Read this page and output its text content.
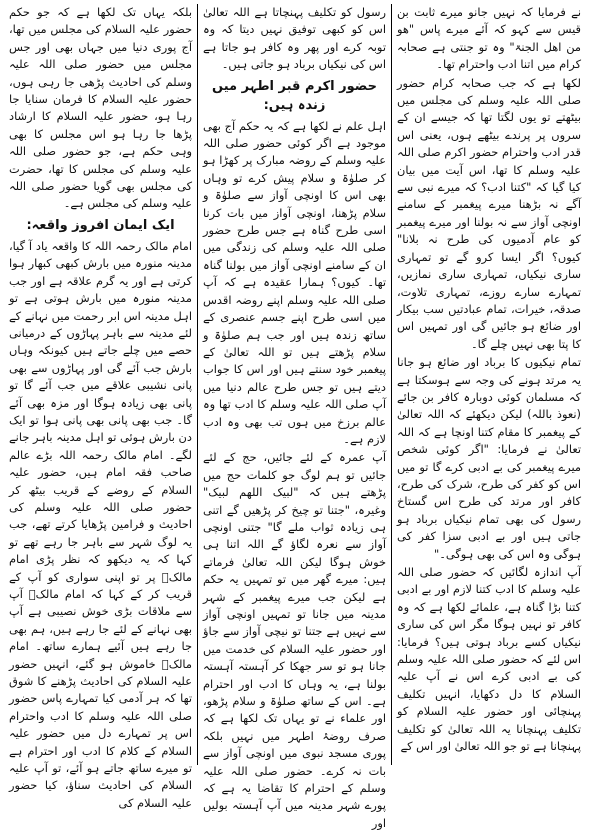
نے فرمایا کہ نہیں جانو میرے ثابت بن قیس سے کہو کہ آئے میرے پاس "ھو من اھل الجنۃ" وہ تو جنتی ہے صحابہ کرام میں اتنا ادب واحترام تھا۔

لکھا ہے کہ جب صحابہ کرام حضور صلی اللہ علیہ وسلم کی مجلس میں بیٹھتے تو یوں لگتا تھا کہ جیسے ان کے سروں پر پرندے بیٹھے ہوں، یعنی اس قدر ادب واحترام حضور اکرم صلی اللہ علیہ وسلم کا تھا، اس آیت میں بیان کیا گیا کہ "کتنا ادب؟ کہ میرے نبی سے آگے نہ بڑھنا میرے پیغمبر کے سامنے اونچی آواز سے نہ بولنا اور میرے پیغمبر کو عام آدمیوں کی طرح نہ بلانا" کیوں؟ اگر ایسا کرو گے تو تمہاری ساری نیکیاں، تمہاری ساری نمازیں، تمہارے سارے روزے، تمہاری تلاوت، صدقہ، خیرات، تمام عبادتیں سب بیکار اور ضائع ہو جائیں گی اور تمہیں اس کا پتا بھی نہیں چلے گا۔

تمام نیکیوں کا برباد اور ضائع ہو جانا یہ مرتد ہونے کی وجہ سے ہوسکتا ہے کہ مسلمان کوئی دوبارہ کافر بن جائے (نعوذ باللہ) لیکن دیکھئے کہ اللہ تعالیٰ کے پیغمبر کا مقام کتنا اونچا ہے کہ اللہ تعالیٰ نے فرمایا: "اگر کوئی شخص میرے پیغمبر کی بے ادبی کرے گا تو میں اس کو کفر کی طرح، شرک کی طرح، کافر اور مرتد کی طرح اس گستاخ رسول کی بھی تمام نیکیاں برباد ہو جاتی ہیں اور بے ادبی سزا کفر کی ہوگی وہ اس کی بھی ہوگی۔"

آپ اندازہ لگائیں کہ حضور صلی اللہ علیہ وسلم کا ادب کتنا لازم اور بے ادبی کتنا بڑا گناہ ہے، علمائے لکھا ہے کہ وہ کافر تو نہیں ہوگا مگر اس کی ساری نیکیاں کسے برباد ہوتی ہیں؟ فرمایا: اس لئے کہ حضور صلی اللہ علیہ وسلم کی بے ادبی کرے اس نے آپ علیہ السلام کا دل دکھایا، انہیں تکلیف پہنچائی اور حضور علیہ السلام کو تکلیف پہنچانا یہ اللہ تعالیٰ کو تکلیف پہنچانا ہے تو جو اللہ تعالیٰ اور اس کے

رسول کو تکلیف پہنچاتا ہے اللہ تعالیٰ اس کو کبھی توفیق نہیں دیتا کہ وہ توبہ کرے اور پھر وہ کافر ہو جاتا ہے اس کی نیکیاں برباد ہو جاتی ہیں۔

حضور اکرم قبر اطہر میں زندہ ہیں:

اہل علم نے لکھا ہے کہ یہ حکم آج بھی موجود ہے اگر کوئی حضور صلی اللہ علیہ وسلم کے روضہ مبارک پر کھڑا ہو کر صلوٰۃ و سلام پیش کرے تو وہاں بھی اس کا اونچی آواز سے صلوٰۃ و سلام پڑھنا، اونچی آواز میں بات کرنا اسی طرح گناہ ہے جس طرح حضور صلی اللہ علیہ وسلم کی زندگی میں ان کے سامنے اونچی آواز میں بولنا گناہ تھا۔ کیوں؟ ہمارا عقیدہ ہے کہ آپ صلی اللہ علیہ وسلم اپنے روضہ اقدس میں اسی طرح اپنے جسم عنصری کے ساتھ زندہ ہیں اور جب ہم صلوٰۃ و سلام پڑھتے ہیں تو اللہ تعالیٰ کے پیغمبر خود سنتے ہیں اور اس کا جواب دیتے ہیں تو جس طرح عالم دنیا میں آپ صلی اللہ علیہ وسلم کا ادب تھا وہ عالم برزخ میں ہوں تب بھی وہ ادب لازم ہے۔

آپ عمرہ کے لئے جائیں، حج کے لئے جائیں تو ہم لوگ جو کلمات حج میں پڑھتے ہیں کہ "لبیک اللھم لبیک" وغیرہ، "جتنا تو چیخ کر پڑھیں گے اتنی ہی زیادہ ثواب ملے گا" جتنی اونچی آواز سے نعرہ لگاؤ گے اللہ اتنا ہی خوش ہوگا لیکن اللہ تعالیٰ فرماتے ہیں: میرے گھر میں تو تمہیں یہ حکم ہے لیکن جب میرے پیغمبر کے شہر مدینہ میں جانا تو تمہیں اونچی آواز سے نہیں ہے جتنا تو نیچی آواز سے جاؤ اور حضور علیہ السلام کی خدمت میں جانا ہو تو سر جھکا کر آہستہ آہستہ بولنا ہے، یہ وہاں کا ادب اور احترام ہے۔ اس کے ساتھ صلوٰۃ و سلام پڑھو، اور علماء نے تو یہاں تک لکھا ہے کہ صرف روضۂ اطہر میں نہیں بلکہ پوری مسجد نبوی میں اونچی آواز سے بات نہ کرے۔ حضور صلی اللہ علیہ وسلم کے احترام کا تقاضا یہ ہے کہ پورے شہر مدینہ میں آپ آہستہ بولیں اور

بلکہ یہاں تک لکھا ہے کہ جو حکم حضور علیہ السلام کی مجلس میں تھا، آج پوری دنیا میں جہاں بھی اور جس مجلس میں حضور صلی اللہ علیہ وسلم کی احادیث پڑھی جا رہی ہوں، حضور علیہ السلام کا فرمان سنایا جا رہا ہو، حضور علیہ السلام کا ارشاد پڑھا جا رہا ہو اس مجلس کا بھی وہی حکم ہے، جو حضور صلی اللہ علیہ وسلم کی مجلس کا تھا، حضرت کی مجلس بھی گویا حضور صلی اللہ علیہ وسلم کی مجلس ہے۔

ایک ایمان افروز واقعہ:

امام مالک رحمہ اللہ کا واقعہ یاد آ گیا، مدینہ منورہ میں بارش کبھی کبھار ہوا کرتی ہے اور یہ گرم علاقہ ہے اور جب مدینہ منورہ میں بارش ہوتی ہے تو اہل مدینہ اس ابر رحمت میں نہانے کے لئے مدینہ سے باہر پہاڑوں کے درمیانی حصے میں چلے جاتے ہیں کیونکہ وہاں بارش جب آئے گی اور پہاڑوں سے بھی پانی نشیبی علاقے میں جب آئے گا تو پانی بھی زیادہ ہوگا اور مزہ بھی آئے گا۔ جب بھی پانی بھی پانی ہوا تو ایک دن بارش ہوئی تو اہل مدینہ باہر جانے لگے۔ امام مالک رحمہ اللہ بڑے عالم صاحب فقہ امام ہیں، حضور علیہ السلام کے روضے کے قریب بیٹھ کر حضور صلی اللہ علیہ وسلم کی احادیث و فرامین پڑھایا کرتے تھے، جب یہ لوگ شہر سے باہر جا رہے تھے تو کہا کہ یہ دیکھو کہ نظر پڑی امام مالکؒ پر تو اپنی سواری کو آپ کے قریب کر کے کہا کہ امام مالکؒ آپ سے ملاقات بڑی خوش نصیبی ہے آپ بھی نہانے کے لئے جا رہے ہیں، ہم بھی جا رہے ہیں آئیے ہمارے ساتھ۔ امام مالکؒ خاموش ہو گئے، انہیں حضور علیہ السلام کی احادیث پڑھنے کا شوق تھا کہ ہر آدمی کیا تمہارے پاس حضور صلی اللہ علیہ وسلم کا ادب واحترام اس پر تمہارے دل میں حضور علیہ السلام کے کلام کا ادب اور احترام ہے تو میرے ساتھ جاتے ہو آئے، تو آپ علیہ السلام کی احادیث سناؤ، کیا حضور علیہ السلام کی
